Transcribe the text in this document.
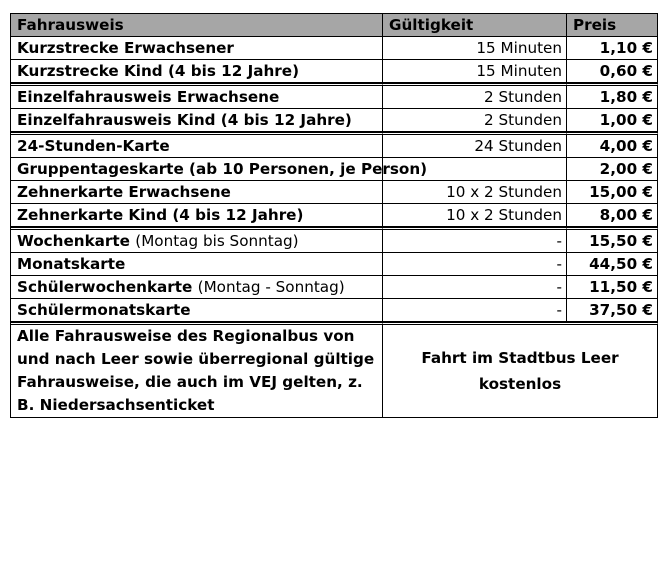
Fahrausweis	Gültigkeit	Preis
Kurzstrecke Erwachsener	15 Minuten	1,10 €
Kurzstrecke Kind (4 bis 12 Jahre)	15 Minuten	0,60 €
Einzelfahrausweis Erwachsene	2 Stunden	1,80 €
Einzelfahrausweis Kind (4 bis 12 Jahre)	2 Stunden	1,00 €
24-Stunden-Karte	24 Stunden	4,00 €
Gruppentageskarte (ab 10 Personen, je Person)		2,00 €
Zehnerkarte Erwachsene	10 x 2 Stunden	15,00 €
Zehnerkarte Kind (4 bis 12 Jahre)	10 x 2 Stunden	8,00 €
Wochenkarte (Montag bis Sonntag)	-	15,50 €
Monatskarte	-	44,50 €
Schülerwochenkarte (Montag - Sonntag)	-	11,50 €
Schülermonatskarte	-	37,50 €
Alle Fahrausweise des Regionalbus von und nach Leer sowie überregional gültige Fahrausweise, die auch im VEJ gelten, z. B. Niedersachsenticket	Fahrt im Stadtbus Leer kostenlos	
